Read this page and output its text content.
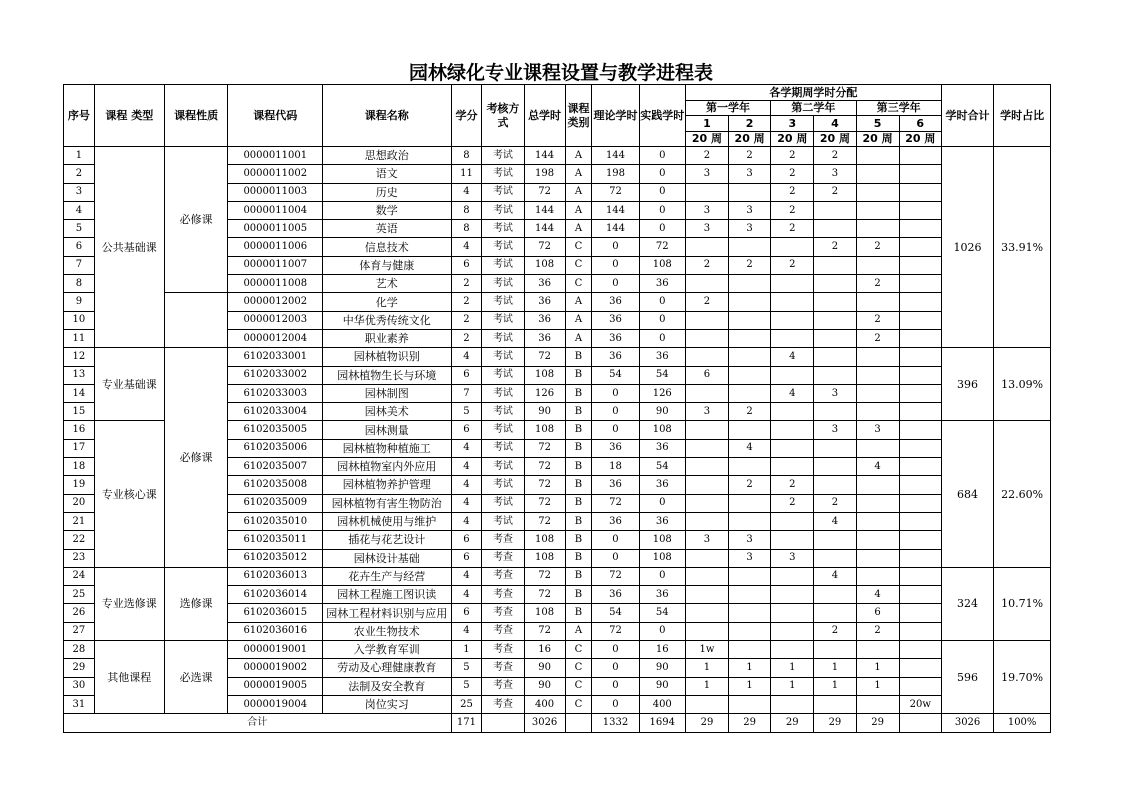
园林绿化专业课程设置与教学进程表
序号	课程 类型	课程性质	课程代码	课程名称	学分	考核方式	总学时	课程类别	理论学时	实践学时	各学期周学时分配						学时合计	学时占比
											第一学年		第二学年		第三学年			
											1	2	3	4	5	6		
											20 周	20 周	20 周	20 周	20 周	20 周		
1	公共基础课	必修课	0000011001	思想政治	8	考试	144	A	144	0	2	2	2	2			1026	33.91%
2			0000011002	语文	11	考试	198	A	198	0	3	3	2	3				
3			0000011003	历史	4	考试	72	A	72	0			2	2				
4			0000011004	数学	8	考试	144	A	144	0	3	3	2					
5			0000011005	英语	8	考试	144	A	144	0	3	3	2					
6			0000011006	信息技术	4	考试	72	C	0	72				2	2			
7			0000011007	体育与健康	6	考试	108	C	0	108	2	2	2					
8			0000011008	艺术	2	考试	36	C	0	36					2			
9			0000012002	化学	2	考试	36	A	36	0	2							
10			0000012003	中华优秀传统文化	2	考试	36	A	36	0					2			
11			0000012004	职业素养	2	考试	36	A	36	0					2			
12	专业基础课	必修课	6102033001	园林植物识别	4	考试	72	B	36	36			4				396	13.09%
13			6102033002	园林植物生长与环境	6	考试	108	B	54	54	6							
14			6102033003	园林制图	7	考试	126	B	0	126			4	3				
15			6102033004	园林美术	5	考试	90	B	0	90	3	2						
16	专业核心课		6102035005	园林测量	6	考试	108	B	0	108				3	3		684	22.60%
17			6102035006	园林植物种植施工	4	考试	72	B	36	36		4						
18			6102035007	园林植物室内外应用	4	考试	72	B	18	54					4			
19			6102035008	园林植物养护管理	4	考试	72	B	36	36		2	2					
20			6102035009	园林植物有害生物防治	4	考试	72	B	72	0			2	2				
21			6102035010	园林机械使用与维护	4	考试	72	B	36	36				4				
22			6102035011	插花与花艺设计	6	考查	108	B	0	108	3	3						
23			6102035012	园林设计基础	6	考查	108	B	0	108		3	3					
24	专业选修课	选修课	6102036013	花卉生产与经营	4	考查	72	B	72	0				4			324	10.71%
25			6102036014	园林工程施工图识读	4	考查	72	B	36	36					4			
26			6102036015	园林工程材料识别与应用	6	考查	108	B	54	54					6			
27			6102036016	农业生物技术	4	考查	72	A	72	0				2	2			
28	其他课程	必选课	0000019001	入学教育军训	1	考查	16	C	0	16	1w						596	19.70%
29			0000019002	劳动及心理健康教育	5	考查	90	C	0	90	1	1	1	1	1			
30			0000019005	法制及安全教育	5	考查	90	C	0	90	1	1	1	1	1			
31			0000019004	岗位实习	25	考查	400	C	0	400						20w		
合计					171		3026		1332	1694	29	29	29	29	29		3026	100%
